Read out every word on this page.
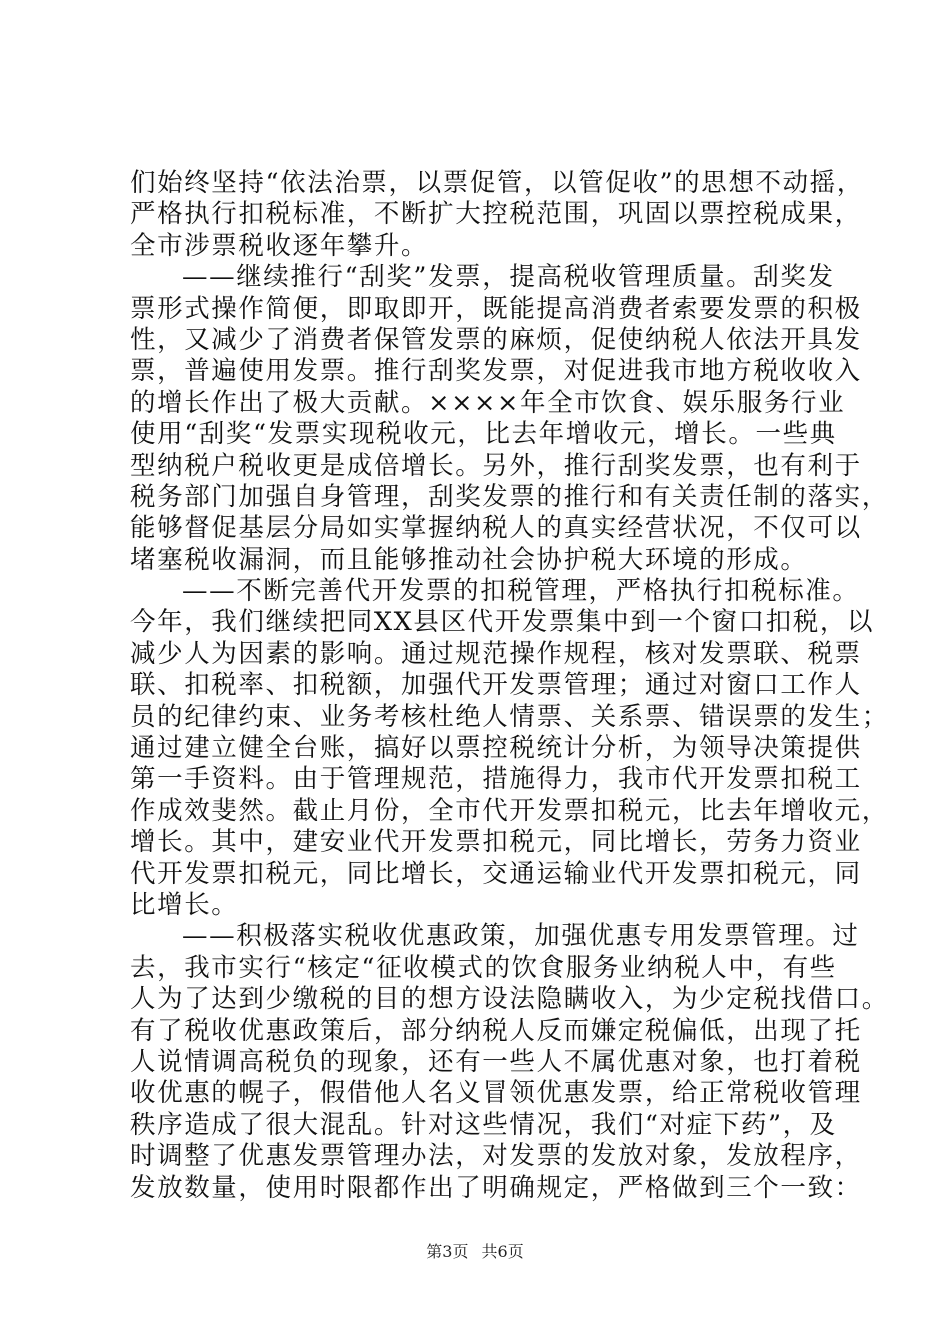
们始终坚持“依法治票，以票促管，以管促收”的思想不动摇，
严格执行扣税标准，不断扩大控税范围，巩固以票控税成果，
全市涉票税收逐年攀升。
——继续推行“刮奖”发票，提高税收管理质量。刮奖发
票形式操作简便，即取即开，既能提高消费者索要发票的积极
性，又减少了消费者保管发票的麻烦，促使纳税人依法开具发
票，普遍使用发票。推行刮奖发票，对促进我市地方税收收入
的增长作出了极大贡献。××××年全市饮食、娱乐服务行业
使用“刮奖“发票实现税收元，比去年增收元，增长。一些典
型纳税户税收更是成倍增长。另外，推行刮奖发票，也有利于
税务部门加强自身管理，刮奖发票的推行和有关责任制的落实，
能够督促基层分局如实掌握纳税人的真实经营状况，不仅可以
堵塞税收漏洞，而且能够推动社会协护税大环境的形成。
——不断完善代开发票的扣税管理，严格执行扣税标准。
今年，我们继续把同XX县区代开发票集中到一个窗口扣税，以
减少人为因素的影响。通过规范操作规程，核对发票联、税票
联、扣税率、扣税额，加强代开发票管理；通过对窗口工作人
员的纪律约束、业务考核杜绝人情票、关系票、错误票的发生；
通过建立健全台账，搞好以票控税统计分析，为领导决策提供
第一手资料。由于管理规范，措施得力，我市代开发票扣税工
作成效斐然。截止月份，全市代开发票扣税元，比去年增收元，
增长。其中，建安业代开发票扣税元，同比增长，劳务力资业
代开发票扣税元，同比增长，交通运输业代开发票扣税元，同
比增长。
——积极落实税收优惠政策，加强优惠专用发票管理。过
去，我市实行“核定“征收模式的饮食服务业纳税人中，有些
人为了达到少缴税的目的想方设法隐瞒收入，为少定税找借口。
有了税收优惠政策后，部分纳税人反而嫌定税偏低，出现了托
人说情调高税负的现象，还有一些人不属优惠对象，也打着税
收优惠的幌子，假借他人名义冒领优惠发票，给正常税收管理
秩序造成了很大混乱。针对这些情况，我们“对症下药”，及
时调整了优惠发票管理办法，对发票的发放对象，发放程序，
发放数量，使用时限都作出了明确规定，严格做到三个一致：
第3页 共6页
